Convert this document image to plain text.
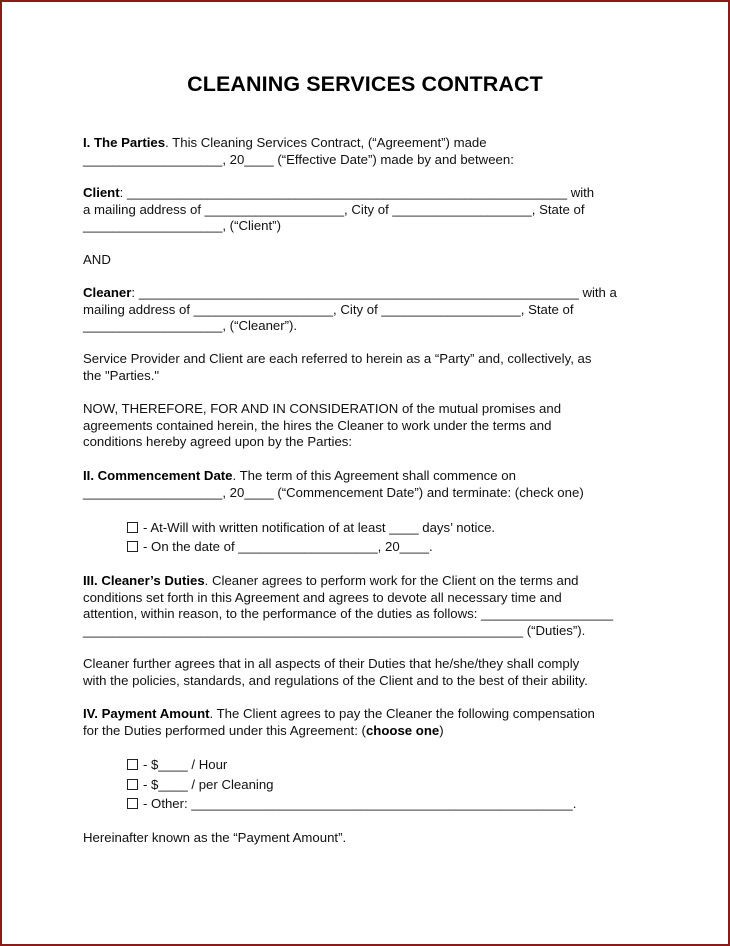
CLEANING SERVICES CONTRACT
I. The Parties. This Cleaning Services Contract, (“Agreement”) made
___________________, 20____ (“Effective Date”) made by and between:
Client: ____________________________________________________________ with
a mailing address of ___________________, City of ___________________, State of
___________________, (“Client”)
AND
Cleaner: ____________________________________________________________ with a
mailing address of ___________________, City of ___________________, State of
___________________, (“Cleaner”).
Service Provider and Client are each referred to herein as a “Party” and, collectively, as
the "Parties."
NOW, THEREFORE, FOR AND IN CONSIDERATION of the mutual promises and
agreements contained herein, the hires the Cleaner to work under the terms and
conditions hereby agreed upon by the Parties:
II. Commencement Date. The term of this Agreement shall commence on
___________________, 20____ (“Commencement Date”) and terminate: (check one)
- At-Will with written notification of at least ____ days’ notice.
- On the date of ___________________, 20____.
III. Cleaner’s Duties. Cleaner agrees to perform work for the Client on the terms and
conditions set forth in this Agreement and agrees to devote all necessary time and
attention, within reason, to the performance of the duties as follows: __________________
____________________________________________________________ (“Duties”).
Cleaner further agrees that in all aspects of their Duties that he/she/they shall comply
with the policies, standards, and regulations of the Client and to the best of their ability.
IV. Payment Amount. The Client agrees to pay the Cleaner the following compensation
for the Duties performed under this Agreement: (choose one)
- $____ / Hour
- $____ / per Cleaning
- Other: ____________________________________________________.
Hereinafter known as the “Payment Amount”.
